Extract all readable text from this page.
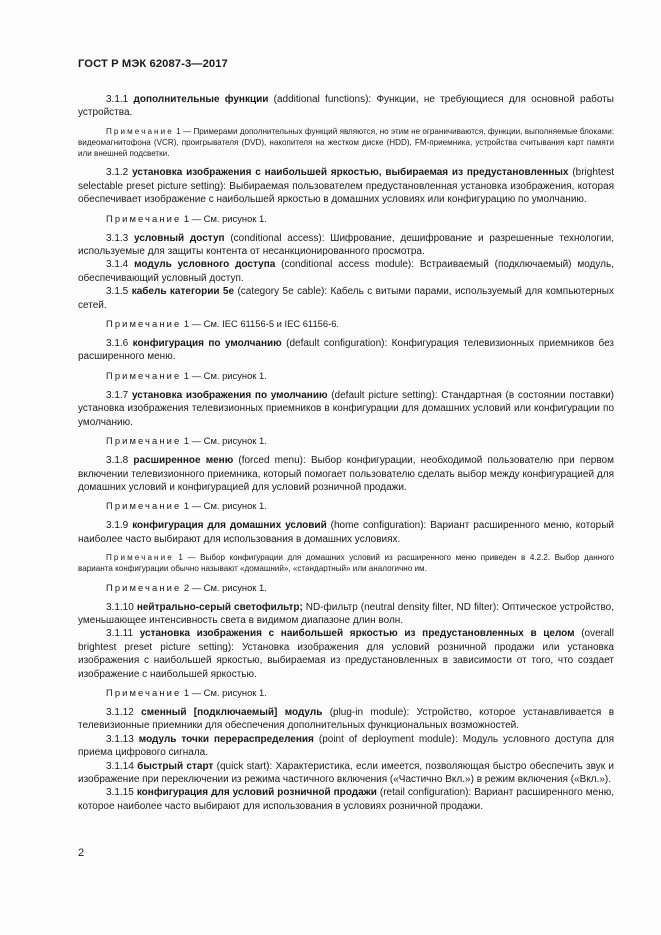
ГОСТ Р МЭК 62087-3—2017

3.1.1 дополнительные функции (additional functions): Функции, не требующиеся для основной работы устройства.

Примечание 1 — Примерами дополнительных функций являются, но этим не ограничиваются, функции, выполняемые блоками: видеомагнитофона (VCR), проигрывателя (DVD), накопителя на жестком диске (HDD), FM-приемника, устройства считывания карт памяти или внешней подсветки.

3.1.2 установка изображения с наибольшей яркостью, выбираемая из предустановленных (brightest selectable preset picture setting): Выбираемая пользователем предустановленная установка изображения, которая обеспечивает изображение с наибольшей яркостью в домашних условиях или конфигурацию по умолчанию.

Примечание 1 — См. рисунок 1.

3.1.3 условный доступ (conditional access): Шифрование, дешифрование и разрешенные технологии, используемые для защиты контента от несанкционированного просмотра.

3.1.4 модуль условного доступа (conditional access module): Встраиваемый (подключаемый) модуль, обеспечивающий условный доступ.

3.1.5 кабель категории 5e (category 5e cable): Кабель с витыми парами, используемый для компьютерных сетей.

Примечание 1 — См. IEC 61156-5 и IEC 61156-6.

3.1.6 конфигурация по умолчанию (default configuration): Конфигурация телевизионных приемников без расширенного меню.

Примечание 1 — См. рисунок 1.

3.1.7 установка изображения по умолчанию (default picture setting): Стандартная (в состоянии поставки) установка изображения телевизионных приемников в конфигурации для домашних условий или конфигурации по умолчанию.

Примечание 1 — См. рисунок 1.

3.1.8 расширенное меню (forced menu): Выбор конфигурации, необходимой пользователю при первом включении телевизионного приемника, который помогает пользователю сделать выбор между конфигурацией для домашних условий и конфигурацией для условий розничной продажи.

Примечание 1 — См. рисунок 1.

3.1.9 конфигурация для домашних условий (home configuration): Вариант расширенного меню, который наиболее часто выбирают для использования в домашних условиях.

Примечание 1 — Выбор конфигурации для домашних условий из расширенного меню приведен в 4.2.2. Выбор данного варианта конфигурации обычно называют «домашний», «стандартный» или аналогично им.

Примечание 2 — См. рисунок 1.

3.1.10 нейтрально-серый светофильтр; ND-фильтр (neutral density filter, ND filter): Оптическое устройство, уменьшающее интенсивность света в видимом диапазоне длин волн.

3.1.11 установка изображения с наибольшей яркостью из предустановленных в целом (overall brightest preset picture setting): Установка изображения для условий розничной продажи или установка изображения с наибольшей яркостью, выбираемая из предустановленных в зависимости от того, что создает изображение с наибольшей яркостью.

Примечание 1 — См. рисунок 1.

3.1.12 сменный [подключаемый] модуль (plug-in module): Устройство, которое устанавливается в телевизионные приемники для обеспечения дополнительных функциональных возможностей.

3.1.13 модуль точки перераспределения (point of deployment module): Модуль условного доступа для приема цифрового сигнала.

3.1.14 быстрый старт (quick start): Характеристика, если имеется, позволяющая быстро обеспечить звук и изображение при переключении из режима частичного включения («Частично Вкл.») в режим включения («Вкл.»).

3.1.15 конфигурация для условий розничной продажи (retail configuration): Вариант расширенного меню, которое наиболее часто выбирают для использования в условиях розничной продажи.

2
